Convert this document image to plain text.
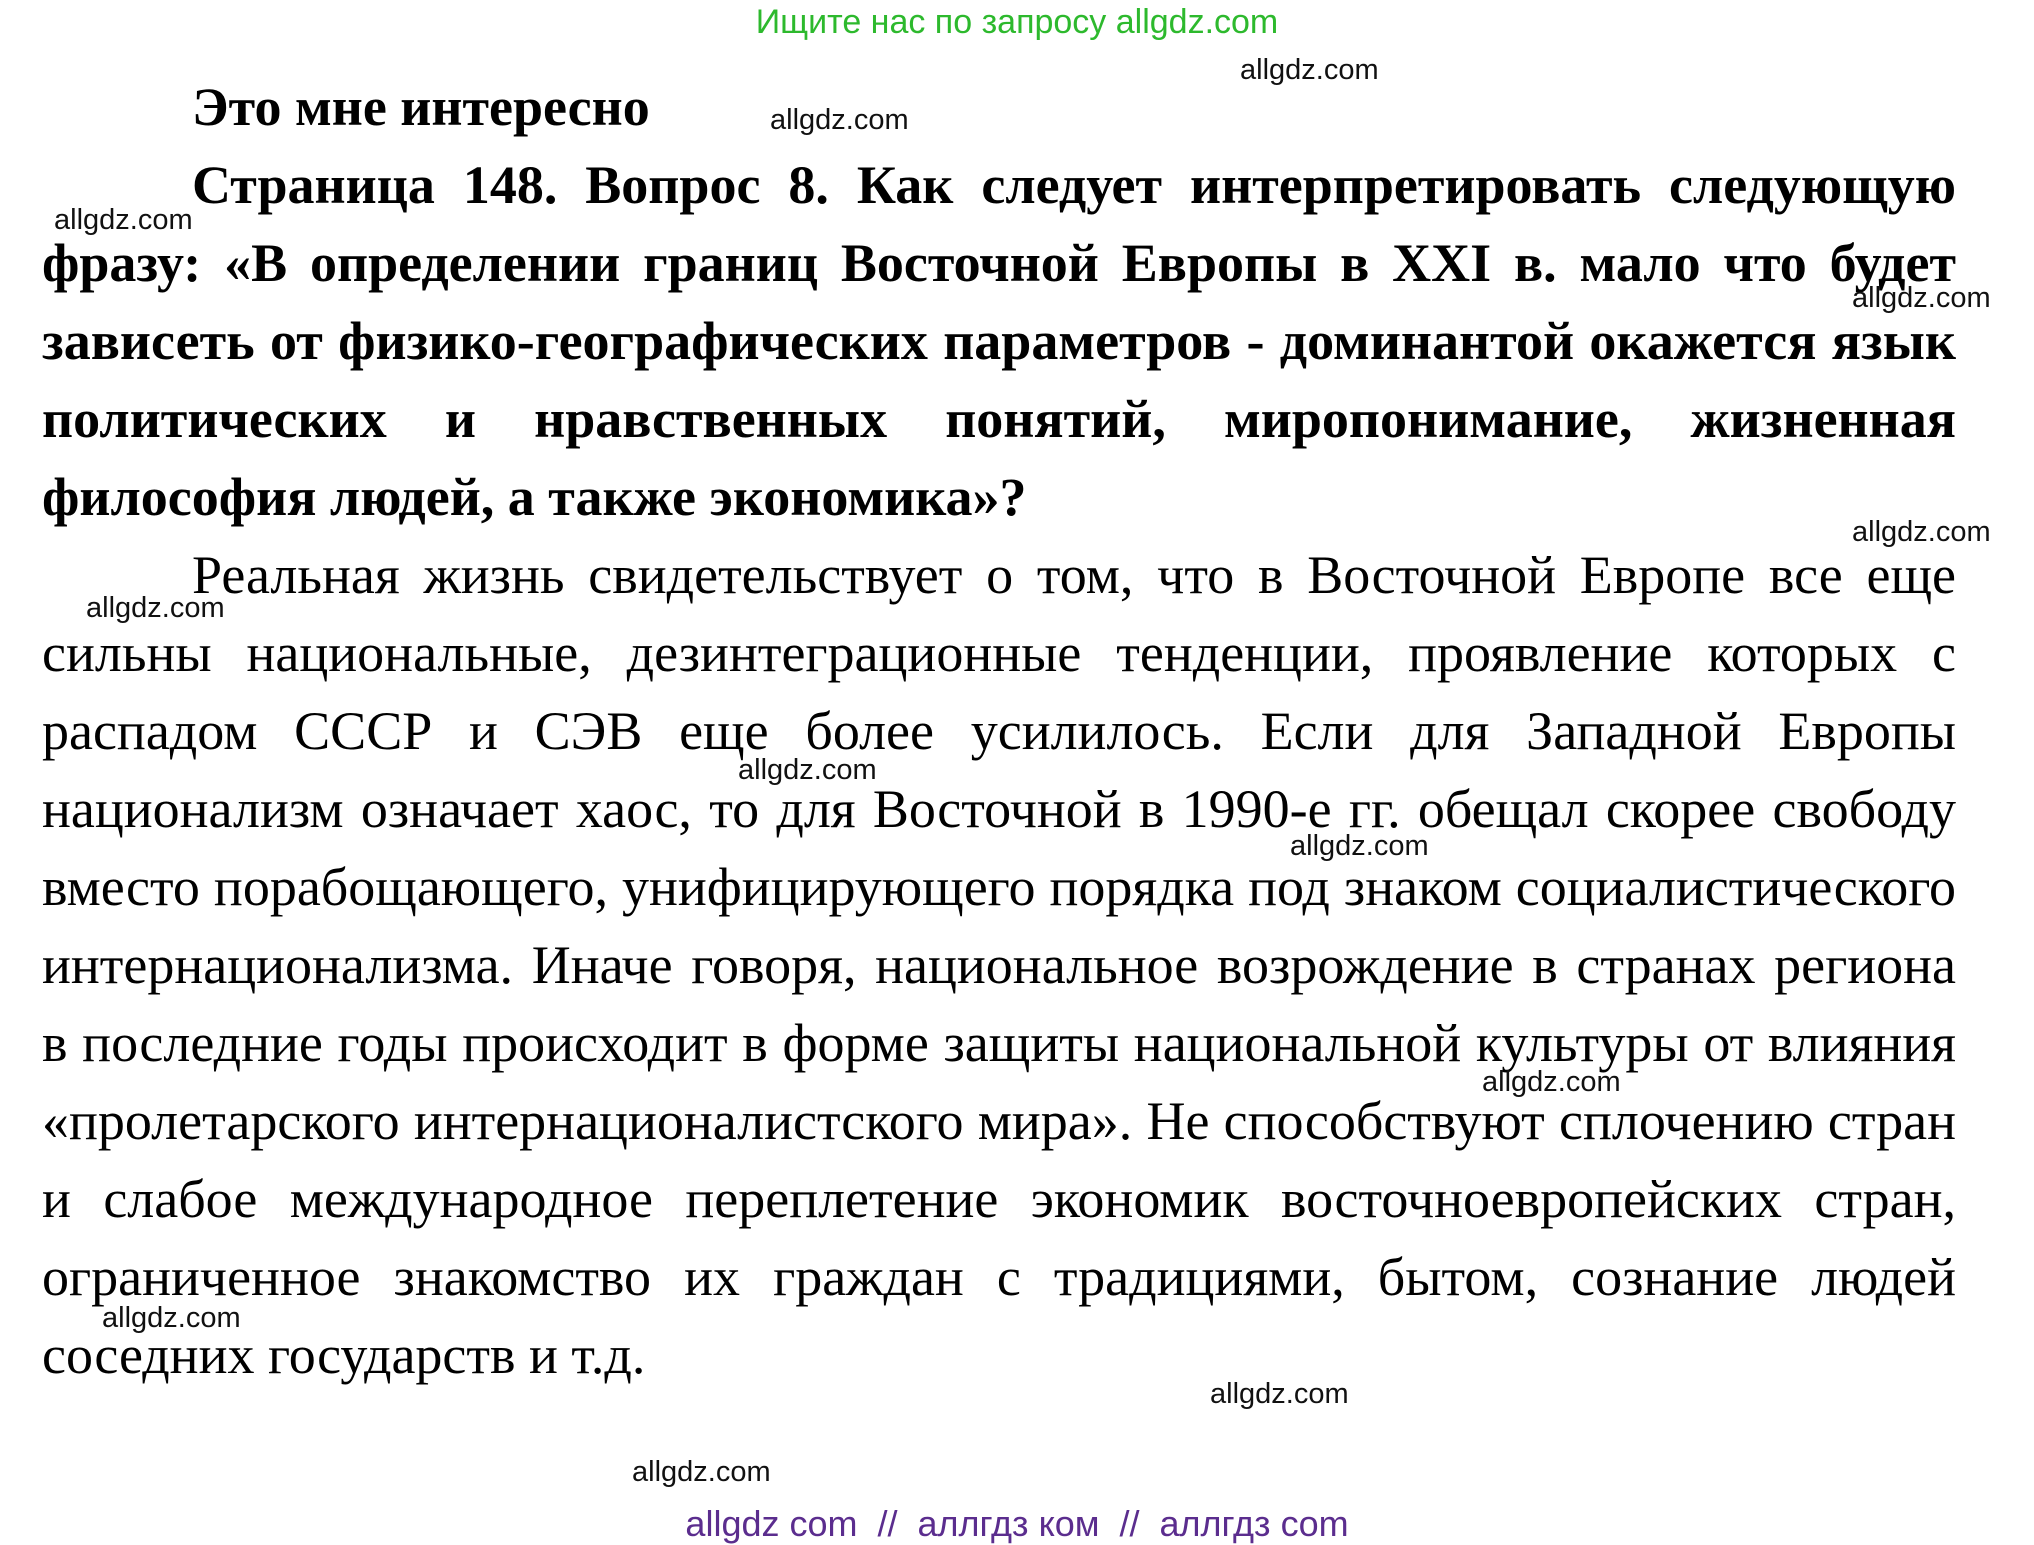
Ищите нас по запросу allgdz.com

Это мне интересно

Страница 148. Вопрос 8. Как следует интерпретировать следующую фразу: «В определении границ Восточной Европы в XXI в. мало что будет зависеть от физико-географических параметров - доминантой окажется язык политических и нравственных понятий, миропонимание, жизненная философия людей, а также экономика»?

Реальная жизнь свидетельствует о том, что в Восточной Европе все еще сильны национальные, дезинтеграционные тенденции, проявление которых с распадом СССР и СЭВ еще более усилилось. Если для Западной Европы национализм означает хаос, то для Восточной в 1990-е гг. обещал скорее свободу вместо порабощающего, унифицирующего порядка под знаком социалистического интернационализма. Иначе говоря, национальное возрождение в странах региона в последние годы происходит в форме защиты национальной культуры от влияния «пролетарского интернационалистского мира». Не способствуют сплочению стран и слабое международное переплетение экономик восточноевропейских стран, ограниченное знакомство их граждан с традициями, бытом, сознание людей соседних государств и т.д.

allgdz.com
allgdz.com
allgdz.com
allgdz.com
allgdz.com
allgdz.com
allgdz.com
allgdz.com
allgdz.com
allgdz.com
allgdz.com
allgdz.com
allgdz com  //  аллгдз ком  //  аллгдз com
